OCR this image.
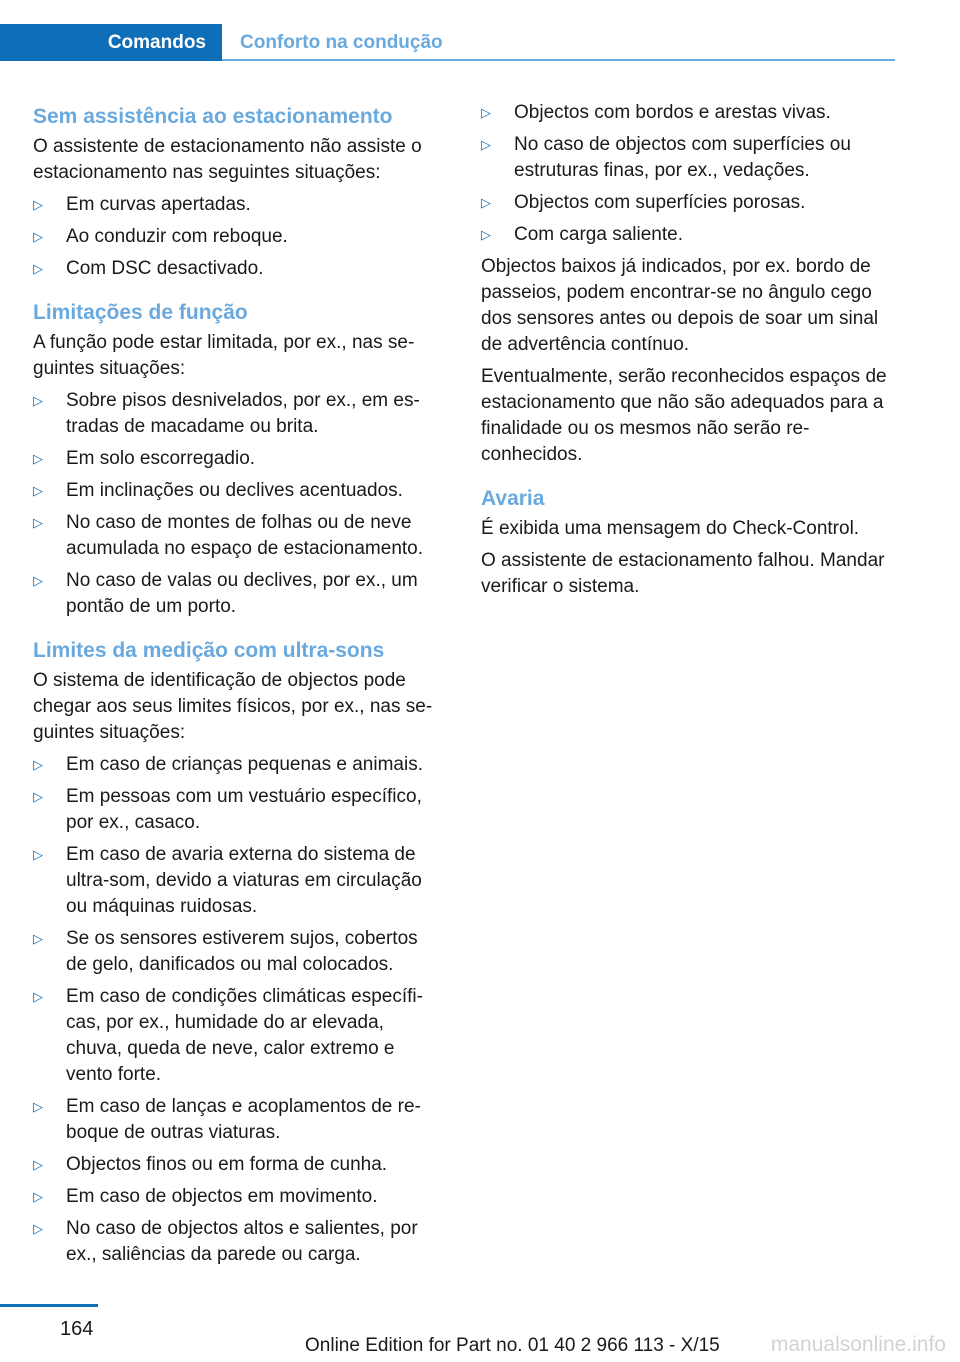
Comandos	Conforto na condução
Sem assistência ao estacionamento

O assistente de estacionamento não assiste o estacionamento nas seguintes situações:

▷ Em curvas apertadas.
▷ Ao conduzir com reboque.
▷ Com DSC desactivado.
Limitações de função

A função pode estar limitada, por ex., nas seguintes situações:

▷ Sobre pisos desnivelados, por ex., em estradas de macadame ou brita.
▷ Em solo escorregadio.
▷ Em inclinações ou declives acentuados.
▷ No caso de montes de folhas ou de neve acumulada no espaço de estacionamento.
▷ No caso de valas ou declives, por ex., um pontão de um porto.
Limites da medição com ultra-sons

O sistema de identificação de objectos pode chegar aos seus limites físicos, por ex., nas seguintes situações:

▷ Em caso de crianças pequenas e animais.
▷ Em pessoas com um vestuário específico, por ex., casaco.
▷ Em caso de avaria externa do sistema de ultra-som, devido a viaturas em circulação ou máquinas ruidosas.
▷ Se os sensores estiverem sujos, cobertos de gelo, danificados ou mal colocados.
▷ Em caso de condições climáticas específicas, por ex., humidade do ar elevada, chuva, queda de neve, calor extremo e vento forte.
▷ Em caso de lanças e acoplamentos de reboque de outras viaturas.
▷ Objectos finos ou em forma de cunha.
▷ Em caso de objectos em movimento.
▷ No caso de objectos altos e salientes, por ex., saliências da parede ou carga.
▷ Objectos com bordos e arestas vivas.
▷ No caso de objectos com superfícies ou estruturas finas, por ex., vedações.
▷ Objectos com superfícies porosas.
▷ Com carga saliente.

Objectos baixos já indicados, por ex. bordo de passeios, podem encontrar-se no ângulo cego dos sensores antes ou depois de soar um sinal de advertência contínuo.

Eventualmente, serão reconhecidos espaços de estacionamento que não são adequados para a finalidade ou os mesmos não serão reconhecidos.

Avaria

É exibida uma mensagem do Check-Control.

O assistente de estacionamento falhou. Mandar verificar o sistema.

164
Online Edition for Part no. 01 40 2 966 113 - X/15 manualsonline.info
